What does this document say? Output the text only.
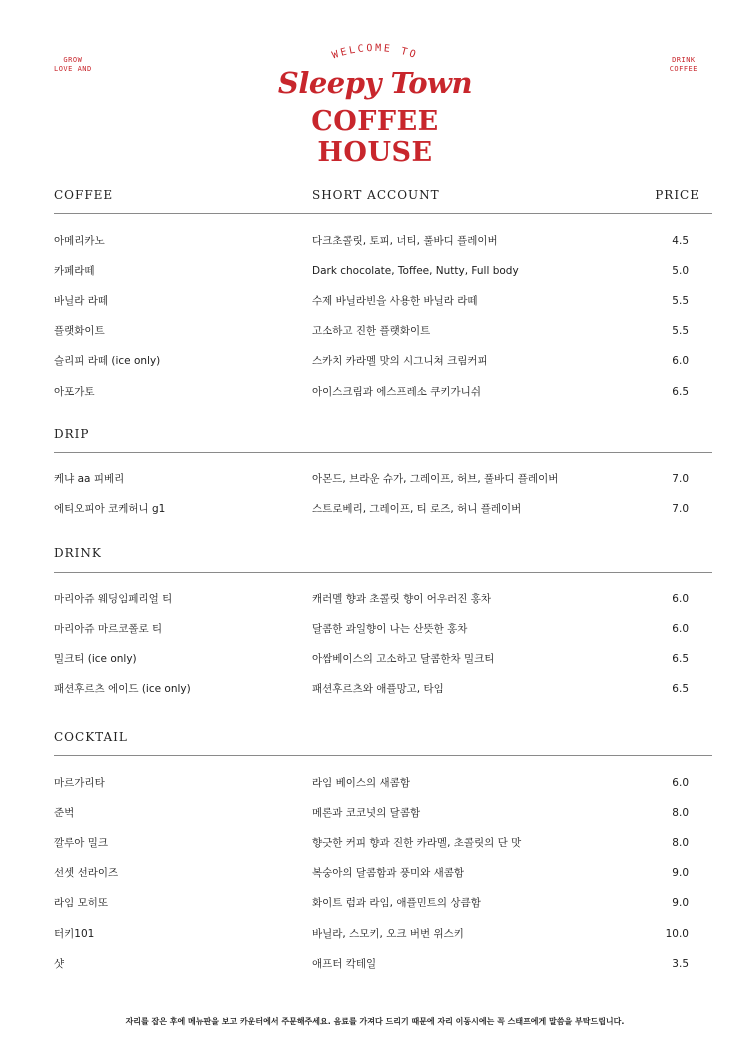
GROW
LOVE AND
DRINK
COFFEE
WELCOME TO
Sleepy Town
COFFEE HOUSE
COFFEE	SHORT ACCOUNT	PRICE
아메리카노	다크초콜릿, 토피, 너티, 풀바디 플레이버	4.5
카페라떼	Dark chocolate, Toffee, Nutty, Full body	5.0
바닐라 라떼	수제 바닐라빈을 사용한 바닐라 라떼	5.5
플랫화이트	고소하고 진한 플랫화이트	5.5
슬리피 라떼 (ice only)	스카치 카라멜 맛의 시그니쳐 크림커피	6.0
아포가토	아이스크림과 에스프레소 쿠키가니쉬	6.5
DRIP
케냐 aa 피베리	아몬드, 브라운 슈가, 그레이프, 허브, 풀바디 플레이버	7.0
에티오피아 코케허니 g1	스트로베리, 그레이프, 티 로즈, 허니 플레이버	7.0
DRINK
마리아쥬 웨딩임페리얼 티	캐러멜 향과 초콜릿 향이 어우러진 홍차	6.0
마리아쥬 마르코폴로 티	달콤한 과일향이 나는 산뜻한 홍차	6.0
밀크티 (ice only)	아쌈베이스의 고소하고 달콤한차 밀크티	6.5
패션후르츠 에이드 (ice only)	패션후르츠와 애플망고, 타임	6.5
COCKTAIL
마르가리타	라임 베이스의 새콤함	6.0
준벅	메론과 코코넛의 달콤함	8.0
깔루아 밀크	향긋한 커피 향과 진한 카라멜, 초콜릿의 단 맛	8.0
선셋 선라이즈	복숭아의 달콤함과 풍미와 새콤함	9.0
라임 모히또	화이트 럼과 라임, 애플민트의 상큼함	9.0
터키101	바닐라, 스모키, 오크 버번 위스키	10.0
샷	애프터 칵테일	3.5
자리를 잡은 후에 메뉴판을 보고 카운터에서 주문해주세요. 음료를 가져다 드리기 때문에 자리 이동시에는 꼭 스태프에게 말씀을 부탁드립니다.
